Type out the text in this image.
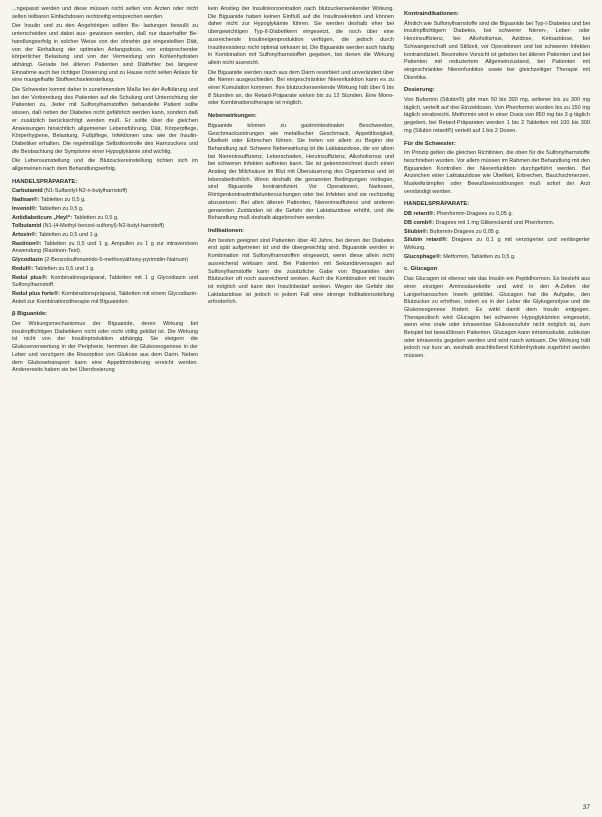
...ngepasst werden und diese müssen nicht selten von Ärzten oder nicht selten teilbaren Einfachdosen rechtzeitig entsprechen werden.

Der Insulin und zu den Angehörigen sollten Be- lastungen bewußt zu unterscheiden und dabei aus- gewiesen werden, daß nur dauerhafter Be- handlungserfolg in solcher Weise von der ohnehin gut eingestellten Diät, von der Einhaltung der optimalen Anfangsdosis, von entsprechender körperlicher Belastung und von der Vermeidung von Kohlenhydraten abhängt. Gerade bei älteren Patienten sind Diätfehler bei längerer Einnahme auch bei richtiger Dosierung und zu Hause nicht selten Anlass für eine mangelhafte Stoffwechseleinstellung.

Die Schwester kommt daher in zunehmendem Maße bei der Aufklärung und bei der Vorbereitung des Patienten auf die Schulung und Unterrichtung der Patienten zu. Jeder mit Sulfonylharnstoffen behandelte Patient sollte wissen, daß neben der Diabetes nicht gefährlich werden kann, sondern daß er zusätzlich berücksichtigt werden muß. Er sollte über die gleichen Anweisungen hinsichtlich allgemeiner Lebensführung, Diät, Körperpflege, Körperhygiene, Belastung, Fußpflege, Infektionen usw. wie der Insulin-Diabetiker erhalten. Die regelmäßige Selbstkontrolle des Harnzuckers und die Beobachtung der Symptome einer Hypoglykämie sind wichtig.

Die Lebensumstellung und die Blutzuckereinstellung richten sich im allgemeinen nach dem Behandlungserfolg.

HANDELSPRÄPARATE:

Carbutamid (N1-Sulfanilyl-N2-n-butylharnstoff)

Nadisan®: Tabletten zu 0,5 g.

Invenol®: Tabletten zu 0,5 g.

Antidiabeticum „Heyl“: Tabletten zu 0,5 g.

Tolbutamid (N1-(4-Methyl-benzol-sulfonyl)-N2-butyl-harnstoff)

Artosin®: Tabletten zu 0,5 und 1 g.

Rastinon®: Tabletten zu 0,5 und 1 g, Ampullen zu 1 g zur intravenösen Anwendung (Rastinon-Test).

Glycodiazin (2-Benzolsulfonamido-5-methoxyäthoxy-pyrimidin-Natrium)

Redul®: Tabletten zu 0,5 und 1 g.

Redul plus®: Kombinationspräparat, Tabletten mit 1 g Glycodiazin und Sulfonylharnstoff.

Redul plus forte®: Kombinationspräparat, Tabletten mit einem Glycodiazin-Anteil zur Kombinationstherapie mit Biguaniden.

β Biguanide:

Der Wirkungsmechanismus der Biguanide, deren Wirkung bei insulinpflichtigen Diabetikern nicht oder nicht völlig geklärt ist. Die Wirkung ist nicht von der Insulinproduktion abhängig. Sie steigern die Glukoseverwertung in der Peripherie, hemmen die Glukoneogenese in der Leber und verzögern die Resorption von Glukose aus dem Darm. Neben dem Glukosetransport kann eine Appetitminderung erreicht werden. Andererseits haben sie bei Überdosierung

kein Anstieg der Insulinkonzentration nach blutzuckersenkender Wirkung. Die Biguanide haben keinen Einfluß auf die Insulinsekretion und können daher nicht zur Hypoglykämie führen. Sie werden deshalb eher bei übergewichtigen Typ-II-Diabetikern eingesetzt, die noch über eine ausreichende Insulineigenproduktion verfügen, die jedoch durch Insulinresistenz nicht optimal wirksam ist. Die Biguanide werden auch häufig in Kombination mit Sulfonylharnstoffen gegeben, bei denen die Wirkung allein nicht ausreicht.

Die Biguanide werden rasch aus dem Darm resorbiert und unverändert über die Nieren ausgeschieden. Bei eingeschränkter Nierenfunktion kann es zu einer Kumulation kommen. Ihre blutzuckersenkende Wirkung hält über 6 bis 8 Stunden an, die Retard-Präparate wirken bis zu 12 Stunden. Eine Mono- oder Kombinationstherapie ist möglich.

Nebenwirkungen:

Biguanide können zu gastrointestinalen Beschwerden, Geschmacksstörungen wie metallischer Geschmack, Appetitlosigkeit, Übelkeit oder Erbrechen führen. Sie treten vor allem zu Beginn der Behandlung auf. Schwere Nebenwirkung ist die Laktatazidose, die vor allem bei Niereninsuffizienz, Leberschaden, Herzinsuffizienz, Alkoholismus und bei schweren Infekten auftreten kann. Sie ist gekennzeichnet durch einen Anstieg der Milchsäure im Blut mit Übersäuerung des Organismus und ist lebensbedrohlich. Wenn deshalb die genannten Bedingungen vorliegen, sind Biguanide kontraindiziert. Vor Operationen, Narkosen, Röntgenkontrastmitteluntersuchungen oder bei Infekten sind sie rechtzeitig abzusetzen. Bei allen älteren Patienten, Niereninsuffizienz und anderen genannten Zuständen ist die Gefahr der Laktatazidose erhöht, und die Behandlung muß deshalb abgebrochen werden.

Indikationen:

Am besten geeignet sind Patienten über 40 Jahre, bei denen der Diabetes erst spät aufgetreten ist und die übergewichtig sind. Biguanide werden in Kombination mit Sulfonylharnstoffen eingesetzt, wenn diese allein nicht ausreichend wirksam sind. Bei Patienten mit Sekundärversagen auf Sulfonylharnstoffe kann die zusätzliche Gabe von Biguaniden den Blutzucker oft noch ausreichend senken. Auch die Kombination mit Insulin ist möglich und kann den Insulinbedarf senken. Wegen der Gefahr der Laktatazidose ist jedoch in jedem Fall eine strenge Indikationsstellung erforderlich.

Kontraindikationen:

Ähnlich wie Sulfonylharnstoffe sind die Biguanide bei Typ-I-Diabetes und bei insulinpflichtigem Diabetes, bei schwerer Nieren-, Leber- oder Herzinsuffizienz, bei Alkoholismus, Azidose, Ketoazidose, bei Schwangerschaft und Stillzeit, vor Operationen und bei schweren Infekten kontraindiziert. Besondere Vorsicht ist geboten bei älteren Patienten und bei Patienten mit reduziertem Allgemeinzustand, bei Patienten mit eingeschränkter Nierenfunktion sowie bei gleichzeitiger Therapie mit Diuretika.

Dosierung:

Von Buformin (Silubin®) gibt man 50 bis 300 mg, seltener bis zu 300 mg täglich, verteilt auf drei Einzeldosen. Von Phenformin wurden bis zu 150 mg täglich verabreicht. Metformin wird in einer Dosis von 850 mg bis 3 g täglich gegeben, bei Retard-Präparaten werden 1 bis 2 Tabletten mit 100 bis 300 mg (Silubin retard®) verteilt auf 1 bis 2 Dosen.

Für die Schwester:

Im Prinzip gelten die gleichen Richtlinien, die oben für die Sulfonylharnstoffe beschrieben wurden. Vor allem müssen im Rahmen der Behandlung mit den Biguaniden Kontrollen der Nierenfunktion durchgeführt werden. Bei Anzeichen einer Laktatazidose wie Übelkeit, Erbrechen, Bauchschmerzen, Muskelkrämpfen oder Bewußtseinsstörungen muß sofort der Arzt verständigt werden.

HANDELSPRÄPARATE:

DB retard®: Phenformin-Dragees zu 0,05 g.

DB comb®: Dragees mit 1 mg Glibenclamid und Phenformin.

Silubin®: Buformin-Dragees zu 0,05 g.

Silubin retard®: Dragees zu 0,1 g mit verzögerter und verlängerter Wirkung.

Glucophage®: Metformin, Tabletten zu 0,5 g.

c. Glucagon

Das Glucagon ist ebenso wie das Insulin ein Peptidhormon. Es besteht aus einer einzigen Aminosäurekette und wird in den A-Zellen der Langerhansschen Inseln gebildet. Glucagon hat die Aufgabe, den Blutzucker zu erhöhen, indem es in der Leber die Glykogenolyse und die Glukoneogenese fördert. Es wirkt damit dem Insulin entgegen. Therapeutisch wird Glucagon bei schweren Hypoglykämien eingesetzt, wenn eine orale oder intravenöse Glukosezufuhr nicht möglich ist, zum Beispiel bei bewußtlosen Patienten. Glucagon kann intramuskulär, subkutan oder intravenös gegeben werden und wird rasch wirksam. Die Wirkung hält jedoch nur kurz an, weshalb anschließend Kohlenhydrate zugeführt werden müssen.

37
